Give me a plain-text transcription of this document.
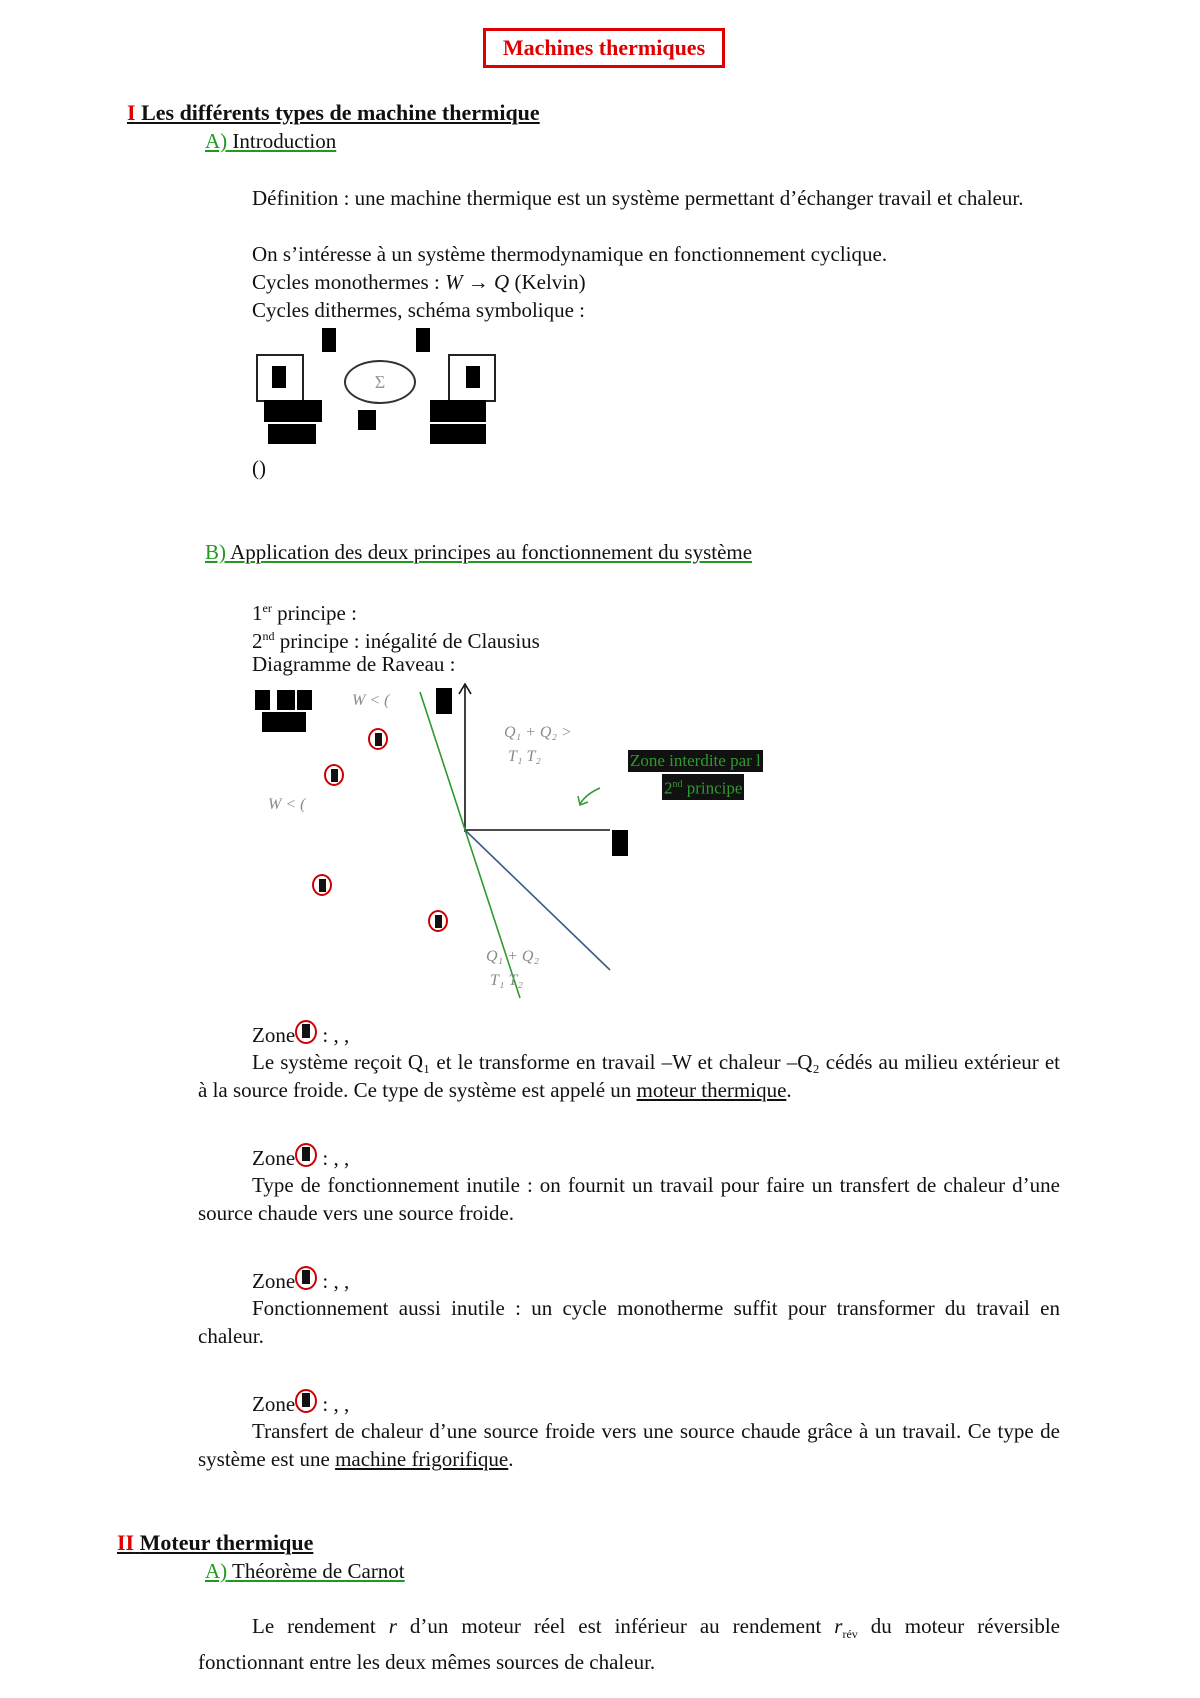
Machines thermiques
I Les différents types de machine thermique
A) Introduction
Définition : une machine thermique est un système permettant d’échanger travail et chaleur.
On s’intéresse à un système thermodynamique en fonctionnement cyclique.
Cycles monothermes : W → Q (Kelvin)
Cycles dithermes, schéma symbolique :
Σ
()
B) Application des deux principes au fonctionnement du système
1er principe :
2nd principe : inégalité de Clausius
Diagramme de Raveau :
W < (
W < (
Q₁ + Q₂ >
T₁ T₂
Q₁ + Q₂
T₁ T₂
Zone interdite par l
2nd principe
Zone
: , ,
Le système reçoit Q₁ et le transforme en travail –W et chaleur –Q₂ cédés au milieu extérieur et à la source froide. Ce type de système est appelé un moteur thermique.
Zone
: , ,
Type de fonctionnement inutile : on fournit un travail pour faire un transfert de chaleur d’une source chaude vers une source froide.
Zone
: , ,
Fonctionnement aussi inutile : un cycle monotherme suffit pour transformer du travail en chaleur.
Zone
: , ,
Transfert de chaleur d’une source froide vers une source chaude grâce à un travail. Ce type de système est une machine frigorifique.
II Moteur thermique
A) Théorème de Carnot
Le rendement r d’un moteur réel est inférieur au rendement $r_{rév}$ du moteur réversible fonctionnant entre les deux mêmes sources de chaleur.
